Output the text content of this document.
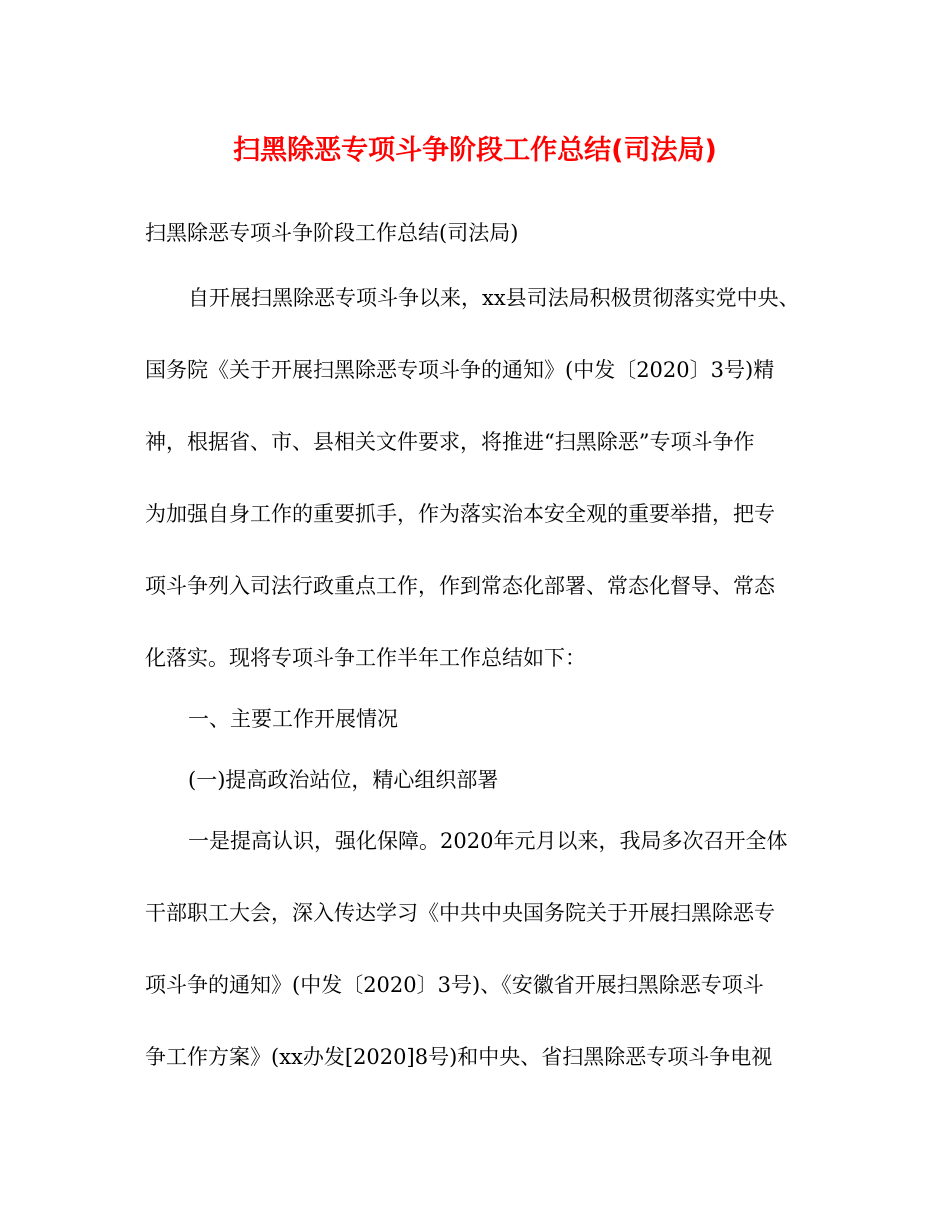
扫黑除恶专项斗争阶段工作总结(司法局)
扫黑除恶专项斗争阶段工作总结(司法局)
自开展扫黑除恶专项斗争以来，xx县司法局积极贯彻落实党中央、
国务院《关于开展扫黑除恶专项斗争的通知》(中发〔2020〕3号)精
神，根据省、市、县相关文件要求，将推进“扫黑除恶”专项斗争作
为加强自身工作的重要抓手，作为落实治本安全观的重要举措，把专
项斗争列入司法行政重点工作，作到常态化部署、常态化督导、常态
化落实。现将专项斗争工作半年工作总结如下：
一、主要工作开展情况
(一)提高政治站位，精心组织部署
一是提高认识，强化保障。2020年元月以来，我局多次召开全体
干部职工大会，深入传达学习《中共中央国务院关于开展扫黑除恶专
项斗争的通知》(中发〔2020〕3号)、《安徽省开展扫黑除恶专项斗
争工作方案》(xx办发[2020]8号)和中央、省扫黑除恶专项斗争电视
